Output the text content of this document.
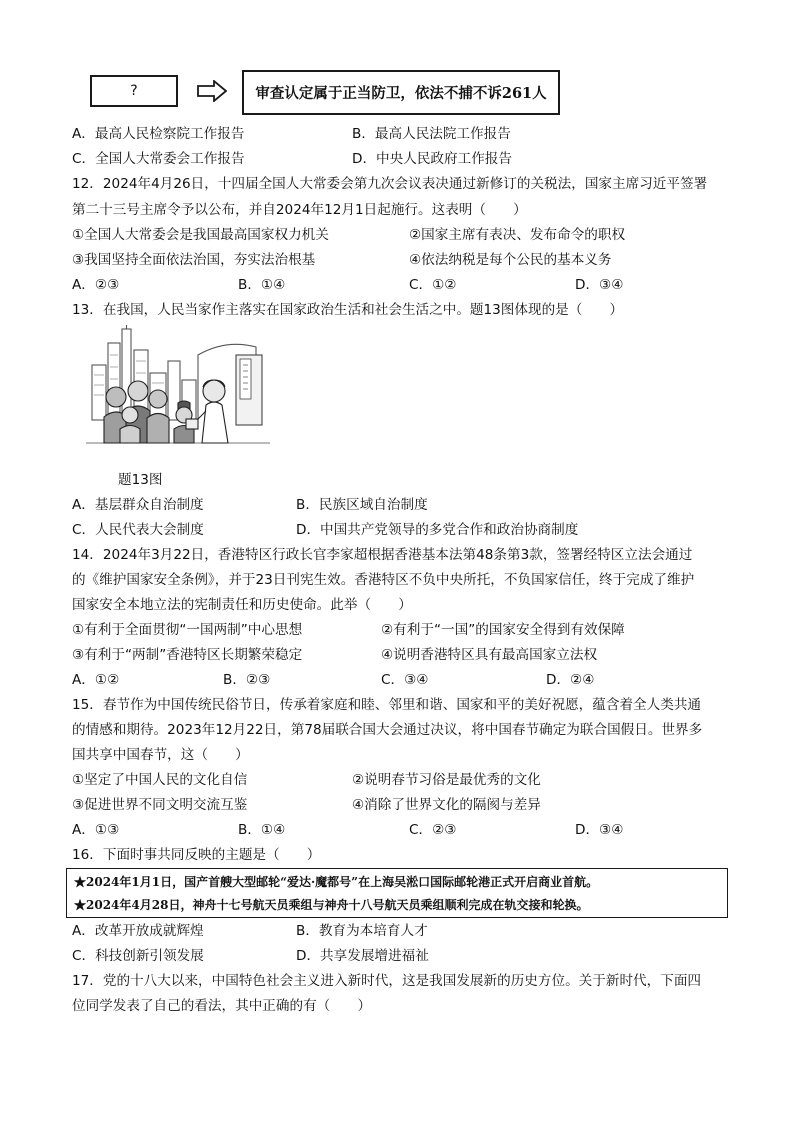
?	审查认定属于正当防卫，依法不捕不诉261人
A．最高人民检察院工作报告	B．最高人民法院工作报告
C．全国人大常委会工作报告	D．中央人民政府工作报告
12．2024年4月26日，十四届全国人大常委会第九次会议表决通过新修订的关税法，国家主席习近平签署
第二十三号主席令予以公布，并自2024年12月1日起施行。这表明（　　）
①全国人大常委会是我国最高国家权力机关	②国家主席有表决、发布命令的职权
③我国坚持全面依法治国，夯实法治根基	④依法纳税是每个公民的基本义务
A．②③	B．①④	C．①②	D．③④
13．在我国，人民当家作主落实在国家政治生活和社会生活之中。题13图体现的是（　　）
题13图
A．基层群众自治制度	B．民族区域自治制度
C．人民代表大会制度	D．中国共产党领导的多党合作和政治协商制度
14．2024年3月22日，香港特区行政长官李家超根据香港基本法第48条第3款，签署经特区立法会通过
的《维护国家安全条例》，并于23日刊宪生效。香港特区不负中央所托，不负国家信任，终于完成了维护
国家安全本地立法的宪制责任和历史使命。此举（　　）
①有利于全面贯彻“一国两制”中心思想	②有利于“一国”的国家安全得到有效保障
③有利于“两制”香港特区长期繁荣稳定	④说明香港特区具有最高国家立法权
A．①②	B．②③	C．③④	D．②④
15．春节作为中国传统民俗节日，传承着家庭和睦、邻里和谐、国家和平的美好祝愿，蕴含着全人类共通
的情感和期待。2023年12月22日，第78届联合国大会通过决议，将中国春节确定为联合国假日。世界多
国共享中国春节，这（　　）
①坚定了中国人民的文化自信	②说明春节习俗是最优秀的文化
③促进世界不同文明交流互鉴	④消除了世界文化的隔阂与差异
A．①③	B．①④	C．②③	D．③④
16．下面时事共同反映的主题是（　　）
★2024年1月1日，国产首艘大型邮轮“爱达·魔都号”在上海吴淞口国际邮轮港正式开启商业首航。
★2024年4月28日，神舟十七号航天员乘组与神舟十八号航天员乘组顺利完成在轨交接和轮换。
A．改革开放成就辉煌	B．教育为本培育人才
C．科技创新引领发展	D．共享发展增进福祉
17．党的十八大以来，中国特色社会主义进入新时代，这是我国发展新的历史方位。关于新时代，下面四
位同学发表了自己的看法，其中正确的有（　　）
